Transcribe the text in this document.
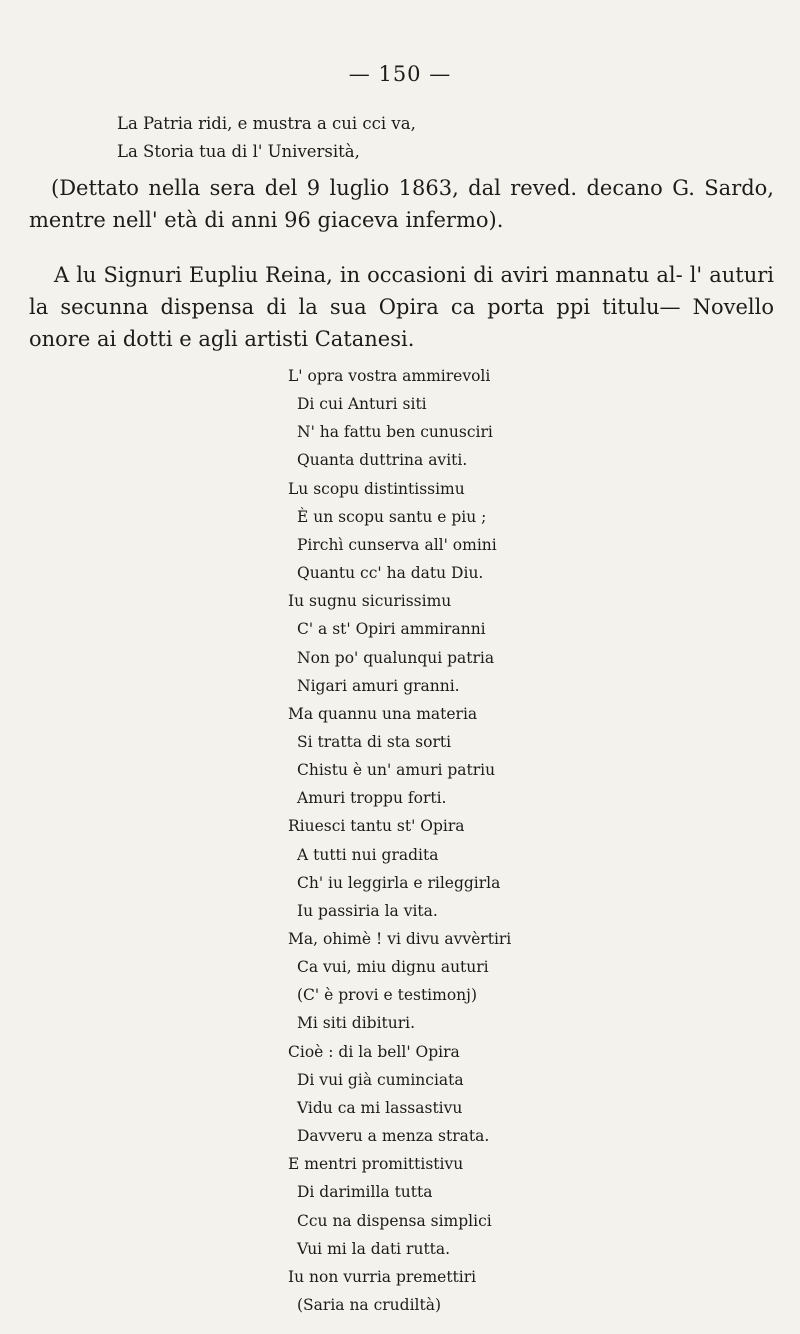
— 150 —
La Patria ridi, e mustra a cui cci va,
La Storia tua di l' Università,

(Dettato nella sera del 9 luglio 1863, dal reved. decano G. Sardo, mentre nell' età di anni 96 giaceva infermo).

A lu Signuri Eupliu Reina, in occasioni di aviri mannatu al- l' auturi la secunna dispensa di la sua Opira ca porta ppi titulu— Novello onore ai dotti e agli artisti Catanesi.

L' opra vostra ammirevoli
Di cui Anturi siti
N' ha fattu ben cunusciri
Quanta duttrina aviti.
Lu scopu distintissimu
È un scopu santu e piu ;
Pirchì cunserva all' omini
Quantu cc' ha datu Diu.
Iu sugnu sicurissimu
C' a st' Opiri ammiranni
Non po' qualunqui patria
Nigari amuri granni.
Ma quannu una materia
Si tratta di sta sorti
Chistu è un' amuri patriu
Amuri troppu forti.
Riuesci tantu st' Opira
A tutti nui gradita
Ch' iu leggirla e rileggirla
Iu passiria la vita.
Ma, ohimè ! vi divu avvèrtiri
Ca vui, miu dignu auturi
(C' è provi e testimonj)
Mi siti dibituri.
Cioè : di la bell' Opira
Di vui già cuminciata
Vidu ca mi lassastivu
Davveru a menza strata.
E mentri promittistivu
Di darimilla tutta
Ccu na dispensa simplici
Vui mi la dati rutta.
Iu non vurria premettiri
(Saria na crudiltà)
